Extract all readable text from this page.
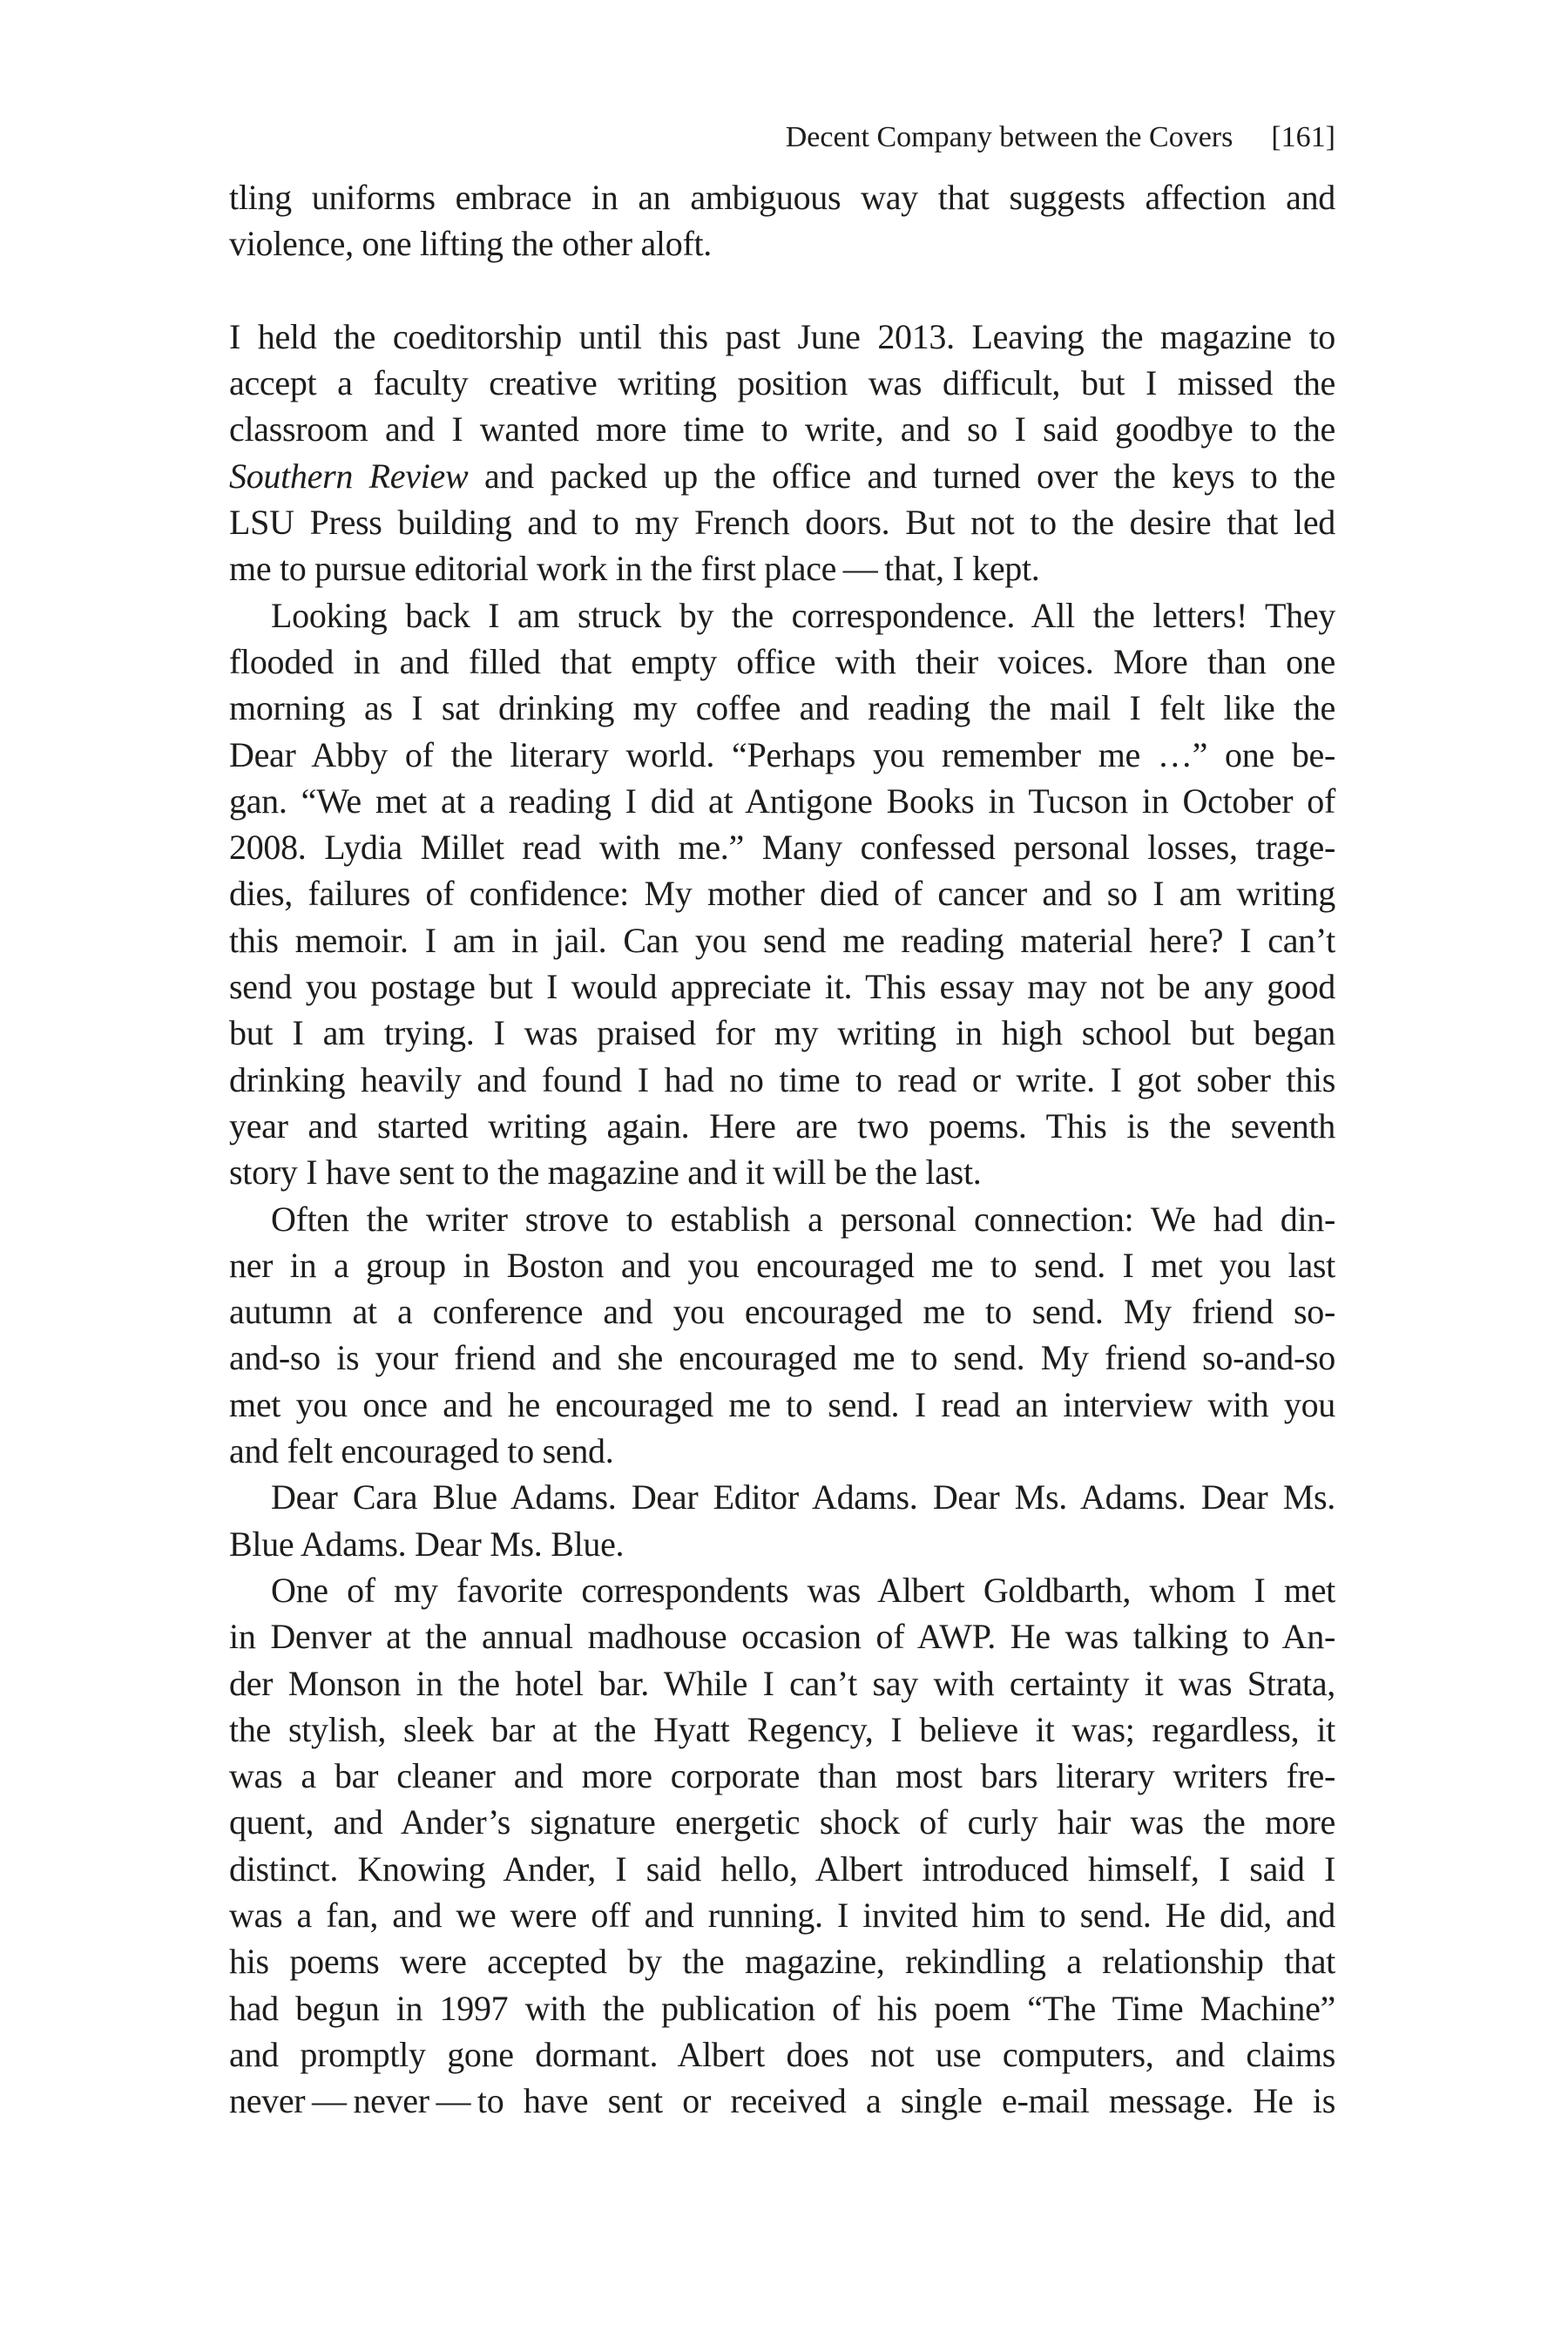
Decent Company between the Covers [161]
tling uniforms embrace in an ambiguous way that suggests affection and
violence, one lifting the other aloft.
I held the coeditorship until this past June 2013. Leaving the magazine to
accept a faculty creative writing position was difficult, but I missed the
classroom and I wanted more time to write, and so I said goodbye to the
Southern Review and packed up the office and turned over the keys to the
LSU Press building and to my French doors. But not to the desire that led
me to pursue editorial work in the first place — that, I kept.
Looking back I am struck by the correspondence. All the letters! They
flooded in and filled that empty office with their voices. More than one
morning as I sat drinking my coffee and reading the mail I felt like the
Dear Abby of the literary world. “Perhaps you remember me …” one be-
gan. “We met at a reading I did at Antigone Books in Tucson in October of
2008. Lydia Millet read with me.” Many confessed personal losses, trage-
dies, failures of confidence: My mother died of cancer and so I am writing
this memoir. I am in jail. Can you send me reading material here? I can’t
send you postage but I would appreciate it. This essay may not be any good
but I am trying. I was praised for my writing in high school but began
drinking heavily and found I had no time to read or write. I got sober this
year and started writing again. Here are two poems. This is the seventh
story I have sent to the magazine and it will be the last.
Often the writer strove to establish a personal connection: We had din-
ner in a group in Boston and you encouraged me to send. I met you last
autumn at a conference and you encouraged me to send. My friend so-
and-so is your friend and she encouraged me to send. My friend so-and-so
met you once and he encouraged me to send. I read an interview with you
and felt encouraged to send.
Dear Cara Blue Adams. Dear Editor Adams. Dear Ms. Adams. Dear Ms.
Blue Adams. Dear Ms. Blue.
One of my favorite correspondents was Albert Goldbarth, whom I met
in Denver at the annual madhouse occasion of AWP. He was talking to An-
der Monson in the hotel bar. While I can’t say with certainty it was Strata,
the stylish, sleek bar at the Hyatt Regency, I believe it was; regardless, it
was a bar cleaner and more corporate than most bars literary writers fre-
quent, and Ander’s signature energetic shock of curly hair was the more
distinct. Knowing Ander, I said hello, Albert introduced himself, I said I
was a fan, and we were off and running. I invited him to send. He did, and
his poems were accepted by the magazine, rekindling a relationship that
had begun in 1997 with the publication of his poem “The Time Machine”
and promptly gone dormant. Albert does not use computers, and claims
never — never — to have sent or received a single e-mail message. He is
